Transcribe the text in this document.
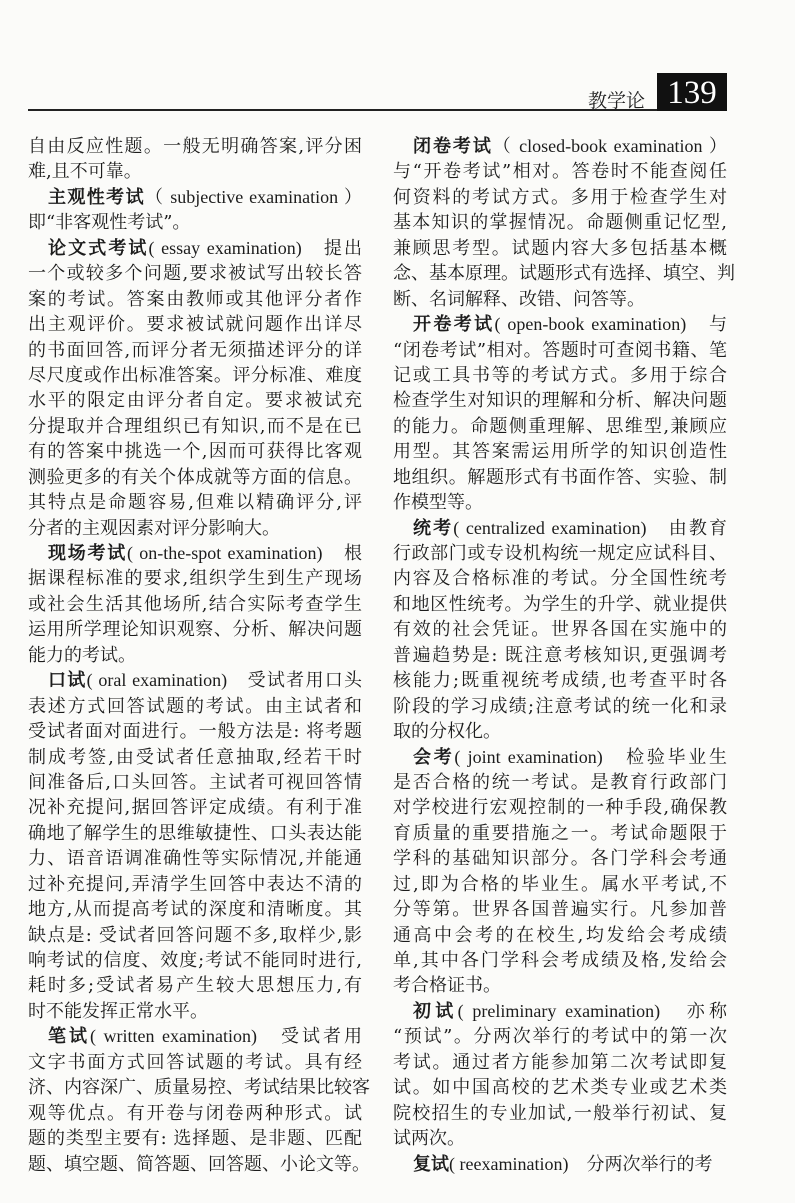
教学论 139
自由反应性题。一般无明确答案,评分困
难,且不可靠。
主观性考试（ subjective examination ）
即“非客观性考试”。
论文式考试( essay examination)　提出
一个或较多个问题,要求被试写出较长答
案的考试。答案由教师或其他评分者作
出主观评价。要求被试就问题作出详尽
的书面回答,而评分者无须描述评分的详
尽尺度或作出标准答案。评分标准、难度
水平的限定由评分者自定。要求被试充
分提取并合理组织已有知识,而不是在已
有的答案中挑选一个,因而可获得比客观
测验更多的有关个体成就等方面的信息。
其特点是命题容易,但难以精确评分,评
分者的主观因素对评分影响大。
现场考试( on-the-spot examination)　根
据课程标准的要求,组织学生到生产现场
或社会生活其他场所,结合实际考查学生
运用所学理论知识观察、分析、解决问题
能力的考试。
口试( oral examination)　受试者用口头
表述方式回答试题的考试。由主试者和
受试者面对面进行。一般方法是: 将考题
制成考签,由受试者任意抽取,经若干时
间准备后,口头回答。主试者可视回答情
况补充提问,据回答评定成绩。有利于准
确地了解学生的思维敏捷性、口头表达能
力、语音语调准确性等实际情况,并能通
过补充提问,弄清学生回答中表达不清的
地方,从而提高考试的深度和清晰度。其
缺点是: 受试者回答问题不多,取样少,影
响考试的信度、效度;考试不能同时进行,
耗时多;受试者易产生较大思想压力,有
时不能发挥正常水平。
笔试( written examination)　受试者用
文字书面方式回答试题的考试。具有经
济、内容深广、质量易控、考试结果比较客
观等优点。有开卷与闭卷两种形式。试
题的类型主要有: 选择题、是非题、匹配
题、填空题、简答题、回答题、小论文等。
闭卷考试（ closed-book examination ）
与“开卷考试”相对。答卷时不能查阅任
何资料的考试方式。多用于检查学生对
基本知识的掌握情况。命题侧重记忆型,
兼顾思考型。试题内容大多包括基本概
念、基本原理。试题形式有选择、填空、判
断、名词解释、改错、问答等。
开卷考试( open-book examination)　与
“闭卷考试”相对。答题时可查阅书籍、笔
记或工具书等的考试方式。多用于综合
检查学生对知识的理解和分析、解决问题
的能力。命题侧重理解、思维型,兼顾应
用型。其答案需运用所学的知识创造性
地组织。解题形式有书面作答、实验、制
作模型等。
统考( centralized examination)　由教育
行政部门或专设机构统一规定应试科目、
内容及合格标准的考试。分全国性统考
和地区性统考。为学生的升学、就业提供
有效的社会凭证。世界各国在实施中的
普遍趋势是: 既注意考核知识,更强调考
核能力;既重视统考成绩,也考查平时各
阶段的学习成绩;注意考试的统一化和录
取的分权化。
会考( joint examination)　检验毕业生
是否合格的统一考试。是教育行政部门
对学校进行宏观控制的一种手段,确保教
育质量的重要措施之一。考试命题限于
学科的基础知识部分。各门学科会考通
过,即为合格的毕业生。属水平考试,不
分等第。世界各国普遍实行。凡参加普
通高中会考的在校生,均发给会考成绩
单,其中各门学科会考成绩及格,发给会
考合格证书。
初试( preliminary examination)　亦称
“预试”。分两次举行的考试中的第一次
考试。通过者方能参加第二次考试即复
试。如中国高校的艺术类专业或艺术类
院校招生的专业加试,一般举行初试、复
试两次。
复试( reexamination)　分两次举行的考
